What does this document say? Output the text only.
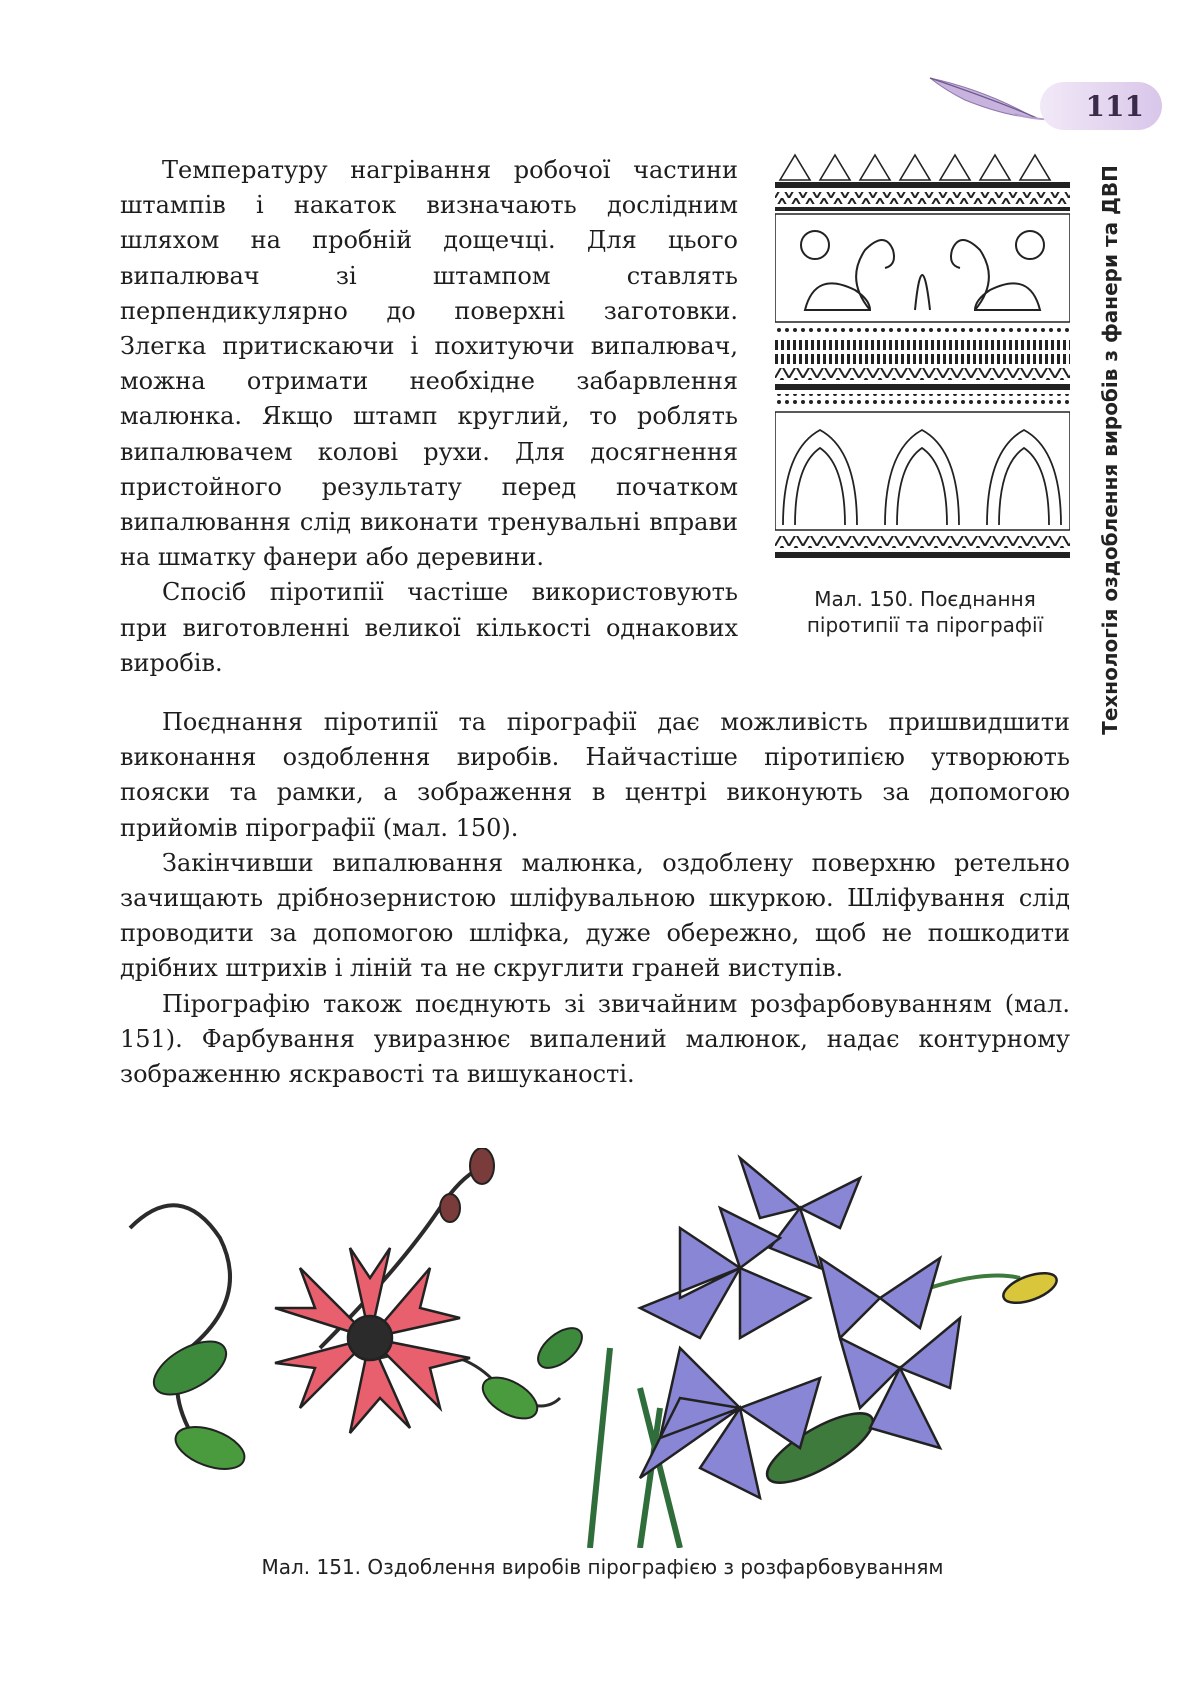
111
Технологія оздоблення виробів з фанери та ДВП

Температуру нагрівання робочої частини штампів і накаток визначають дослідним шляхом на пробній дощечці. Для цього випалювач зі штампом ставлять перпендикулярно до поверхні заготовки. Злегка притискаючи і похитуючи випалювач, можна отримати необхідне забарвлення малюнка. Якщо штамп круглий, то роблять випалювачем колові рухи. Для досягнення пристойного результату перед початком випалювання слід виконати тренувальні вправи на шматку фанери або деревини.

Спосіб піротипії частіше використовують при виготовленні великої кількості однакових виробів.

Мал. 150. Поєднання піротипії та пірографії

Поєднання піротипії та пірографії дає можливість пришвидшити виконання оздоблення виробів. Найчастіше піротипією утворюють пояски та рамки, а зображення в центрі виконують за допомогою прийомів пірографії (мал. 150).

Закінчивши випалювання малюнка, оздоблену поверхню ретельно зачищають дрібнозернистою шліфувальною шкуркою. Шліфування слід проводити за допомогою шліфка, дуже обережно, щоб не пошкодити дрібних штрихів і ліній та не скруглити граней виступів.

Пірографію також поєднують зі звичайним розфарбовуванням (мал. 151). Фарбування увиразнює випалений малюнок, надає контурному зображенню яскравості та вишуканості.

Мал. 151. Оздоблення виробів пірографією з розфарбовуванням
